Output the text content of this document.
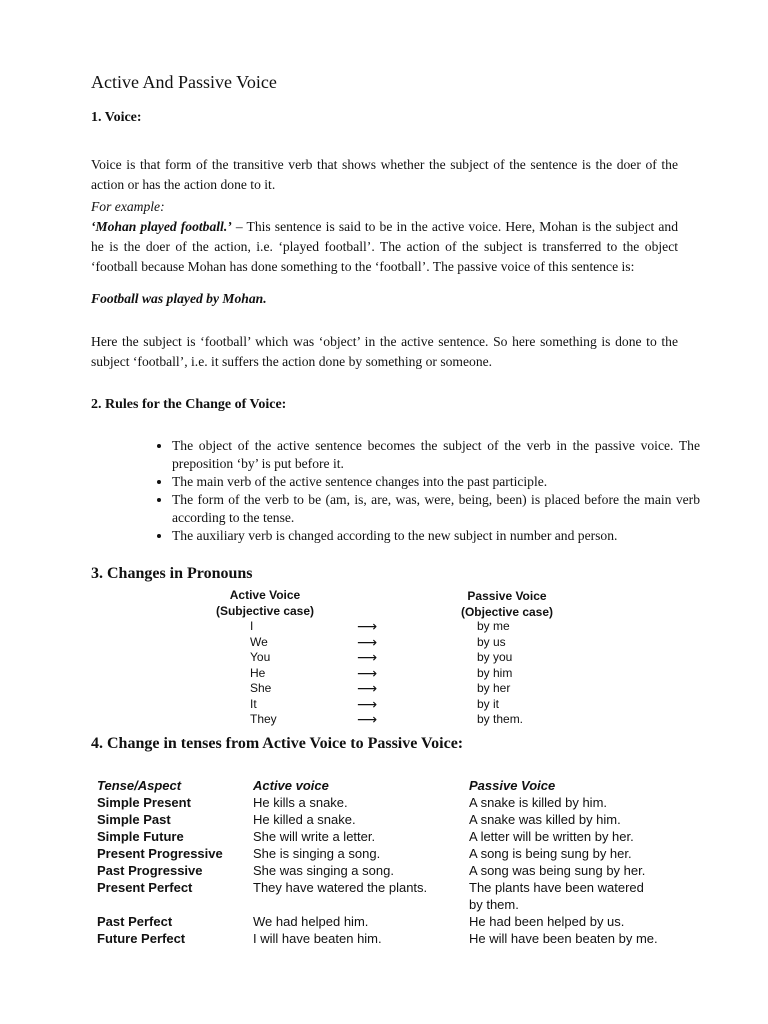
Active And Passive Voice
1. Voice:
Voice is that form of the transitive verb that shows whether the subject of the sentence is the doer of the action or has the action done to it.
For example:
‘Mohan played football.’ – This sentence is said to be in the active voice. Here, Mohan is the subject and he is the doer of the action, i.e. ‘played football’. The action of the subject is transferred to the object ‘football because Mohan has done something to the ‘football’. The passive voice of this sentence is:
Football was played by Mohan.
Here the subject is ‘football’ which was ‘object’ in the active sentence. So here something is done to the subject ‘football’, i.e. it suffers the action done by something or someone.
2. Rules for the Change of Voice:
• The object of the active sentence becomes the subject of the verb in the passive voice. The preposition ‘by’ is put before it.
• The main verb of the active sentence changes into the past participle.
• The form of the verb to be (am, is, are, was, were, being, been) is placed before the main verb according to the tense.
• The auxiliary verb is changed according to the new subject in number and person.
3. Changes in Pronouns
Active Voice
(Subjective case)
Passive Voice
(Objective case)
I
We
You
He
She
It
They
⟶
⟶
⟶
⟶
⟶
⟶
⟶
by me
by us
by you
by him
by her
by it
by them.
4. Change in tenses from Active Voice to Passive Voice:
Tense/Aspect
Simple Present
Simple Past
Simple Future
Present Progressive
Past Progressive
Present Perfect
Past Perfect
Future Perfect
Active voice
He kills a snake.
He killed a snake.
She will write a letter.
She is singing a song.
She was singing a song.
They have watered the plants.
We had helped him.
I will have beaten him.
Passive Voice
A snake is killed by him.
A snake was killed by him.
A letter will be written by her.
A song is being sung by her.
A song was being sung by her.
The plants have been watered
by them.
He had been helped by us.
He will have been beaten by me.
